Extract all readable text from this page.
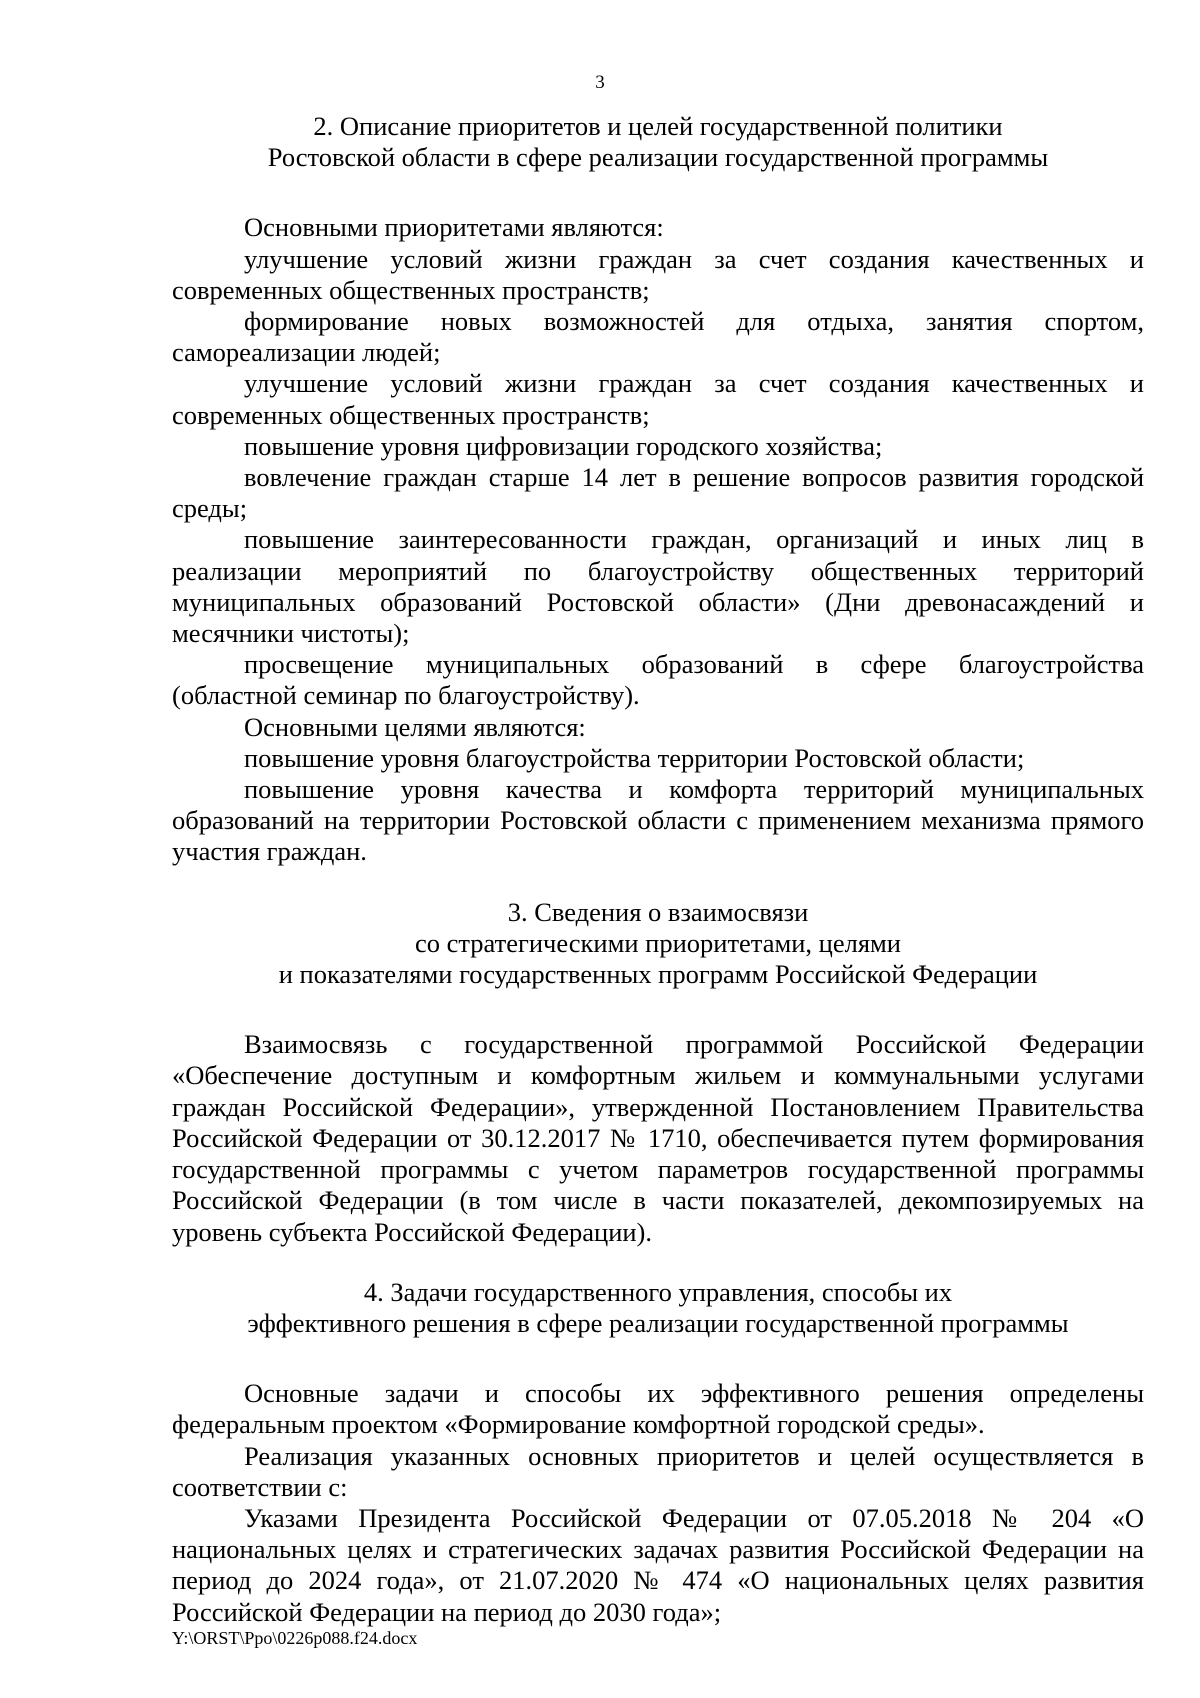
3

2. Описание приоритетов и целей государственной политики
Ростовской области в сфере реализации государственной программы

Основными приоритетами являются:

улучшение условий жизни граждан за счет создания качественных и современных общественных пространств;

формирование новых возможностей для отдыха, занятия спортом, самореализации людей;

улучшение условий жизни граждан за счет создания качественных и современных общественных пространств;

повышение уровня цифровизации городского хозяйства;

вовлечение граждан старше 14 лет в решение вопросов развития городской среды;

повышение заинтересованности граждан, организаций и иных лиц в реализации мероприятий по благоустройству общественных территорий муниципальных образований Ростовской области» (Дни древонасаждений и месячники чистоты);

просвещение муниципальных образований в сфере благоустройства (областной семинар по благоустройству).

Основными целями являются:

повышение уровня благоустройства территории Ростовской области;

повышение уровня качества и комфорта территорий муниципальных образований на территории Ростовской области с применением механизма прямого участия граждан.

3. Сведения о взаимосвязи
со стратегическими приоритетами, целями
и показателями государственных программ Российской Федерации

Взаимосвязь с государственной программой Российской Федерации «Обеспечение доступным и комфортным жильем и коммунальными услугами граждан Российской Федерации», утвержденной Постановлением Правительства Российской Федерации от 30.12.2017 № 1710, обеспечивается путем формирования государственной программы с учетом параметров государственной программы Российской Федерации (в том числе в части показателей, декомпозируемых на уровень субъекта Российской Федерации).

4. Задачи государственного управления, способы их
эффективного решения в сфере реализации государственной программы

Основные задачи и способы их эффективного решения определены федеральным проектом «Формирование комфортной городской среды».

Реализация указанных основных приоритетов и целей осуществляется в соответствии с:

Указами Президента Российской Федерации от 07.05.2018 № 204 «О национальных целях и стратегических задачах развития Российской Федерации на период до 2024 года», от 21.07.2020 № 474 «О национальных целях развития Российской Федерации на период до 2030 года»;

Y:\ORST\Ppo\0226p088.f24.docx
